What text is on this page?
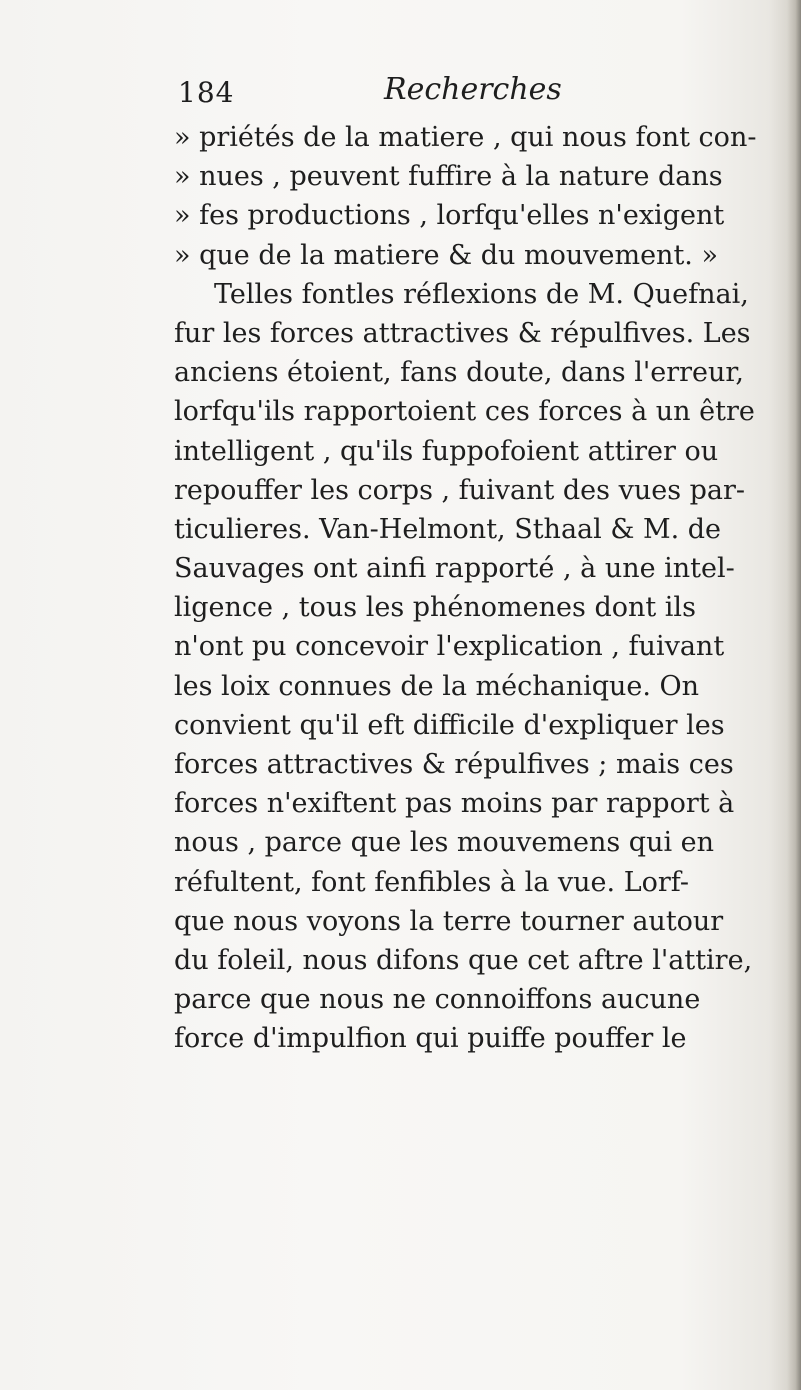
184	Recherches
» priétés de la matiere , qui nous font con-
» nues , peuvent fuffire à la nature dans
» fes productions , lorfqu'elles n'exigent
» que de la matiere & du mouvement. »
Telles fontles réflexions de M. Quefnai,
fur les forces attractives & répulfives. Les
anciens étoient, fans doute, dans l'erreur,
lorfqu'ils rapportoient ces forces à un être
intelligent , qu'ils fuppofoient attirer ou
repouffer les corps , fuivant des vues par-
ticulieres. Van-Helmont, Sthaal & M. de
Sauvages ont ainfi rapporté , à une intel-
ligence , tous les phénomenes dont ils
n'ont pu concevoir l'explication , fuivant
les loix connues de la méchanique. On
convient qu'il eft difficile d'expliquer les
forces attractives & répulfives ; mais ces
forces n'exiftent pas moins par rapport à
nous , parce que les mouvemens qui en
réfultent, font fenfibles à la vue. Lorf-
que nous voyons la terre tourner autour
du foleil, nous difons que cet aftre l'attire,
parce que nous ne connoiffons aucune
force d'impulfion qui puiffe pouffer le
